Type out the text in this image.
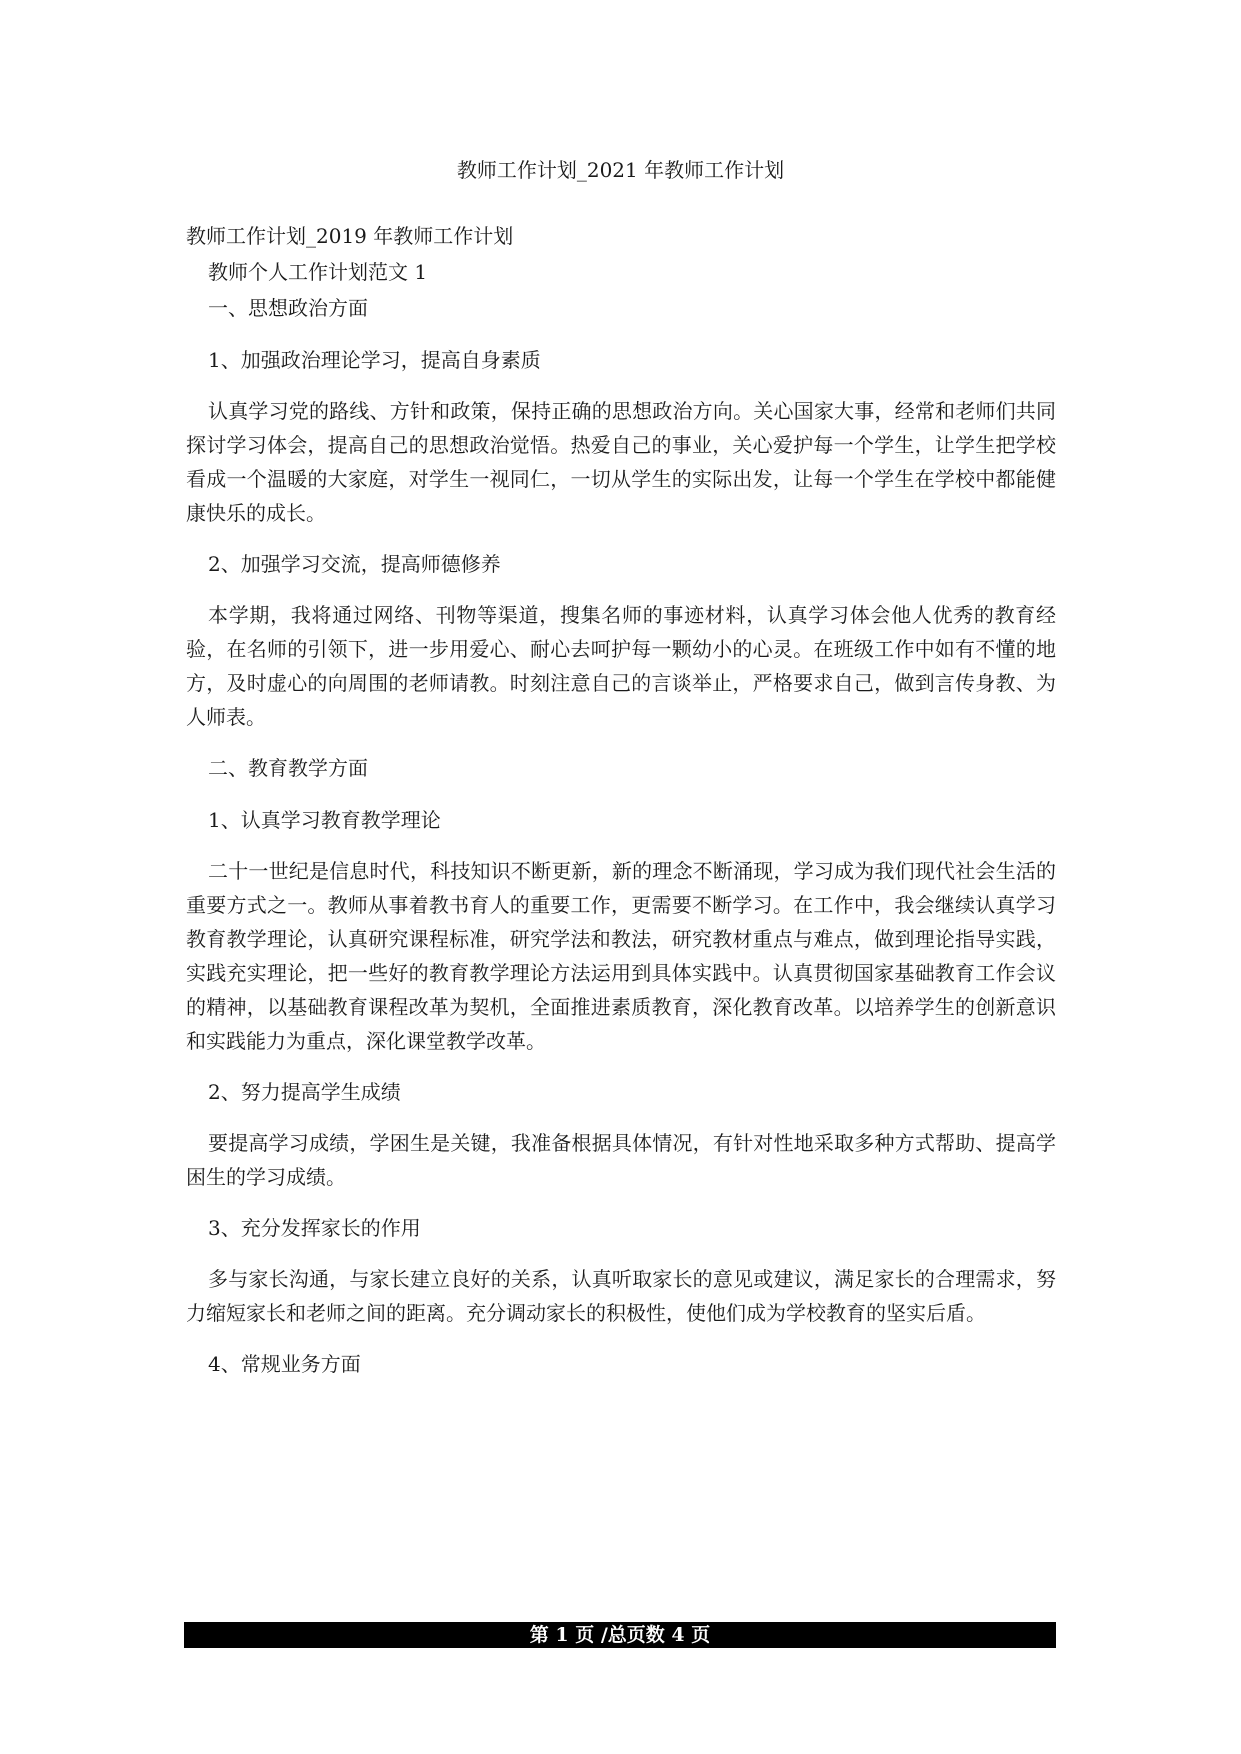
教师工作计划_2021 年教师工作计划
教师工作计划_2019 年教师工作计划
教师个人工作计划范文 1
一、思想政治方面
1、加强政治理论学习，提高自身素质
认真学习党的路线、方针和政策，保持正确的思想政治方向。关心国家大事，经常和老师们共同探讨学习体会，提高自己的思想政治觉悟。热爱自己的事业，关心爱护每一个学生，让学生把学校看成一个温暖的大家庭，对学生一视同仁，一切从学生的实际出发，让每一个学生在学校中都能健康快乐的成长。
2、加强学习交流，提高师德修养
本学期，我将通过网络、刊物等渠道，搜集名师的事迹材料，认真学习体会他人优秀的教育经验，在名师的引领下，进一步用爱心、耐心去呵护每一颗幼小的心灵。在班级工作中如有不懂的地方，及时虚心的向周围的老师请教。时刻注意自己的言谈举止，严格要求自己，做到言传身教、为人师表。
二、教育教学方面
1、认真学习教育教学理论
二十一世纪是信息时代，科技知识不断更新，新的理念不断涌现，学习成为我们现代社会生活的重要方式之一。教师从事着教书育人的重要工作，更需要不断学习。在工作中，我会继续认真学习教育教学理论，认真研究课程标准，研究学法和教法，研究教材重点与难点，做到理论指导实践，实践充实理论，把一些好的教育教学理论方法运用到具体实践中。认真贯彻国家基础教育工作会议的精神，以基础教育课程改革为契机，全面推进素质教育，深化教育改革。以培养学生的创新意识和实践能力为重点，深化课堂教学改革。
2、努力提高学生成绩
要提高学习成绩，学困生是关键，我准备根据具体情况，有针对性地采取多种方式帮助、提高学困生的学习成绩。
3、充分发挥家长的作用
多与家长沟通，与家长建立良好的关系，认真听取家长的意见或建议，满足家长的合理需求，努力缩短家长和老师之间的距离。充分调动家长的积极性，使他们成为学校教育的坚实后盾。
4、常规业务方面
第 1 页 /总页数 4 页
